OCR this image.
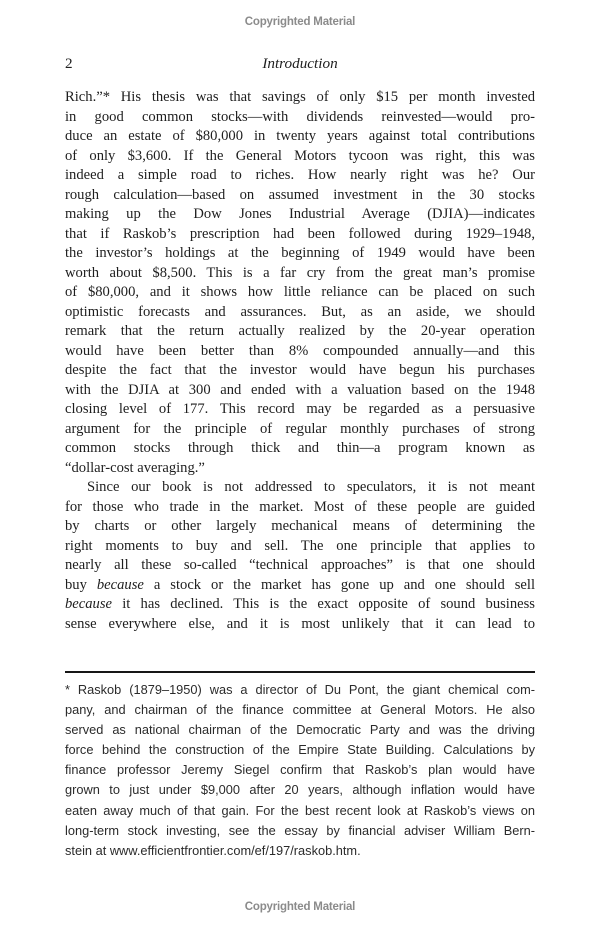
Copyrighted Material
2	Introduction
Rich.”* His thesis was that savings of only $15 per month invested
in good common stocks—with dividends reinvested—would pro-
duce an estate of $80,000 in twenty years against total contributions
of only $3,600. If the General Motors tycoon was right, this was
indeed a simple road to riches. How nearly right was he? Our
rough calculation—based on assumed investment in the 30 stocks
making up the Dow Jones Industrial Average (DJIA)—indicates
that if Raskob’s prescription had been followed during 1929–1948,
the investor’s holdings at the beginning of 1949 would have been
worth about $8,500. This is a far cry from the great man’s promise
of $80,000, and it shows how little reliance can be placed on such
optimistic forecasts and assurances. But, as an aside, we should
remark that the return actually realized by the 20-year operation
would have been better than 8% compounded annually—and this
despite the fact that the investor would have begun his purchases
with the DJIA at 300 and ended with a valuation based on the 1948
closing level of 177. This record may be regarded as a persuasive
argument for the principle of regular monthly purchases of strong
common stocks through thick and thin—a program known as
“dollar-cost averaging.”
Since our book is not addressed to speculators, it is not meant
for those who trade in the market. Most of these people are guided
by charts or other largely mechanical means of determining the
right moments to buy and sell. The one principle that applies to
nearly all these so-called “technical approaches” is that one should
buy because a stock or the market has gone up and one should sell
because it has declined. This is the exact opposite of sound business
sense everywhere else, and it is most unlikely that it can lead to
* Raskob (1879–1950) was a director of Du Pont, the giant chemical com-
pany, and chairman of the finance committee at General Motors. He also
served as national chairman of the Democratic Party and was the driving
force behind the construction of the Empire State Building. Calculations by
finance professor Jeremy Siegel confirm that Raskob’s plan would have
grown to just under $9,000 after 20 years, although inflation would have
eaten away much of that gain. For the best recent look at Raskob’s views on
long-term stock investing, see the essay by financial adviser William Bern-
stein at www.efficientfrontier.com/ef/197/raskob.htm.
Copyrighted Material
